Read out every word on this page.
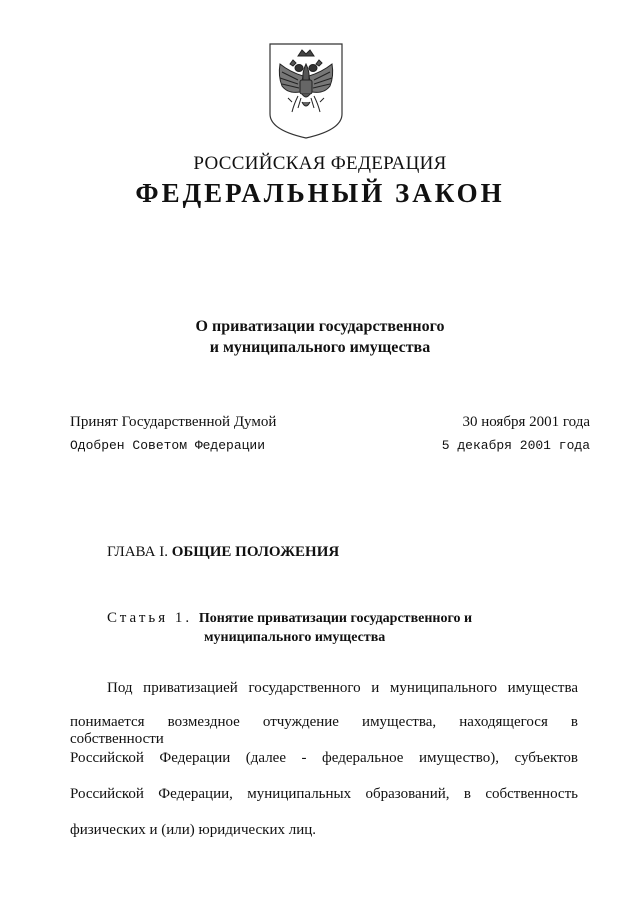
РОССИЙСКАЯ ФЕДЕРАЦИЯ
ФЕДЕРАЛЬНЫЙ ЗАКОН
О приватизации государственного
и муниципального имущества
Принят Государственной Думой	30 ноября 2001 года
Одобрен Советом Федерации	5 декабря 2001 года
ГЛАВА I. ОБЩИЕ ПОЛОЖЕНИЯ
Статья 1. Понятие приватизации государственного и
муниципального имущества
Под приватизацией государственного и муниципального имущества
понимается возмездное отчуждение имущества, находящегося в собственности
Российской Федерации (далее - федеральное имущество), субъектов
Российской Федерации, муниципальных образований, в собственность
физических и (или) юридических лиц.
